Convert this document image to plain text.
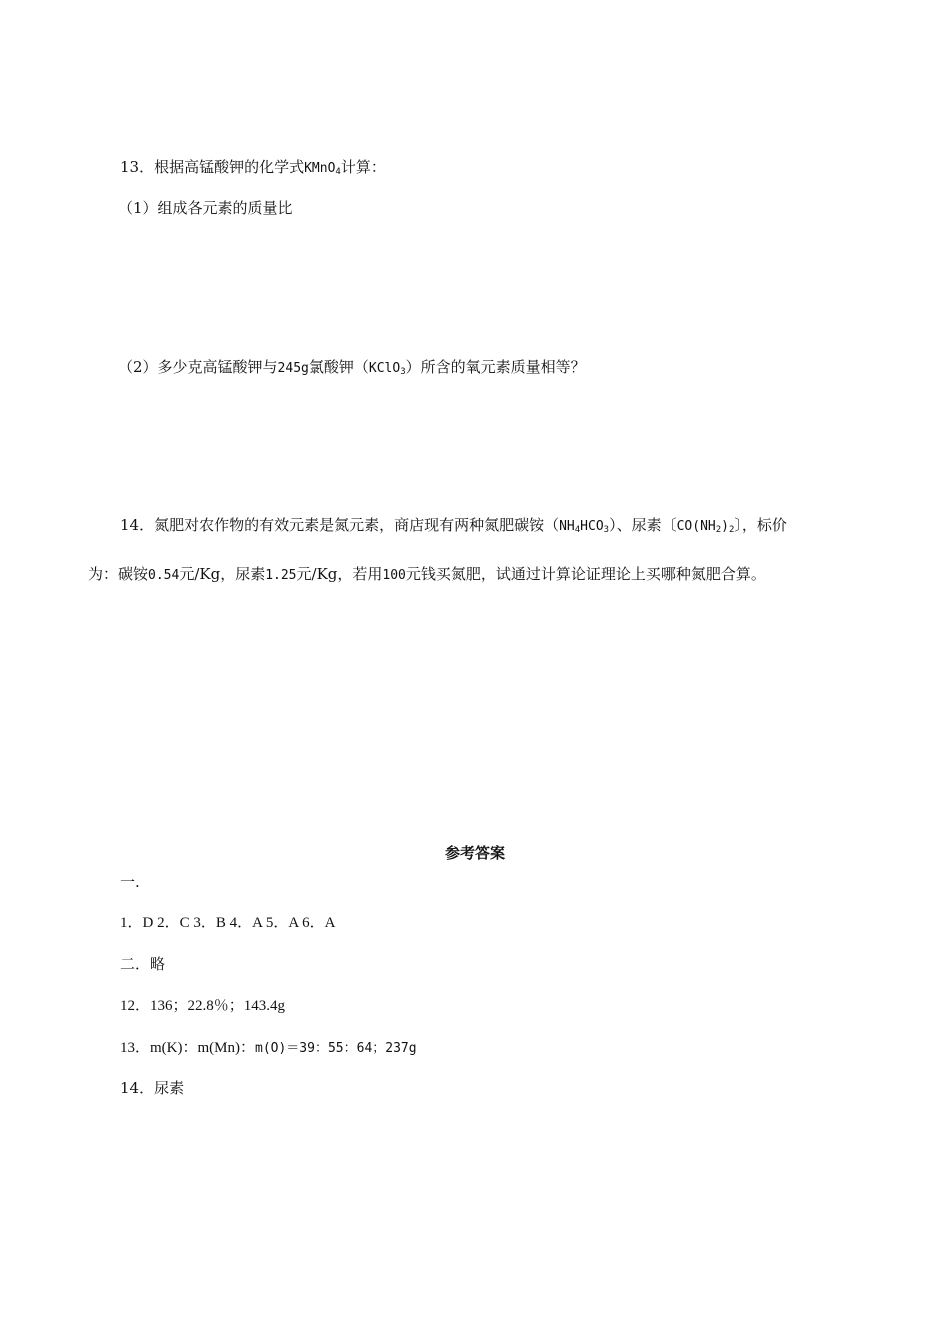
13．根据高锰酸钾的化学式KMnO$_4$计算：
（1）组成各元素的质量比
（2）多少克高锰酸钾与245g氯酸钾（KClO$_3$）所含的氧元素质量相等？
14．氮肥对农作物的有效元素是氮元素，商店现有两种氮肥碳铵$(NH_4HCO_3)$、尿素〔$CO(NH_2)_2$〕，标价
为：碳铵0.54元/Kg，尿素1.25元/Kg，若用100元钱买氮肥，试通过计算论证理论上买哪种氮肥合算。
参考答案
一.
1．D 2．C 3．B 4．A 5．A 6．A
二．略
12．136；22.8％；143.4g
13．m(K)：m(Mn)：m(O)＝39：55：64；237g
14．尿素
